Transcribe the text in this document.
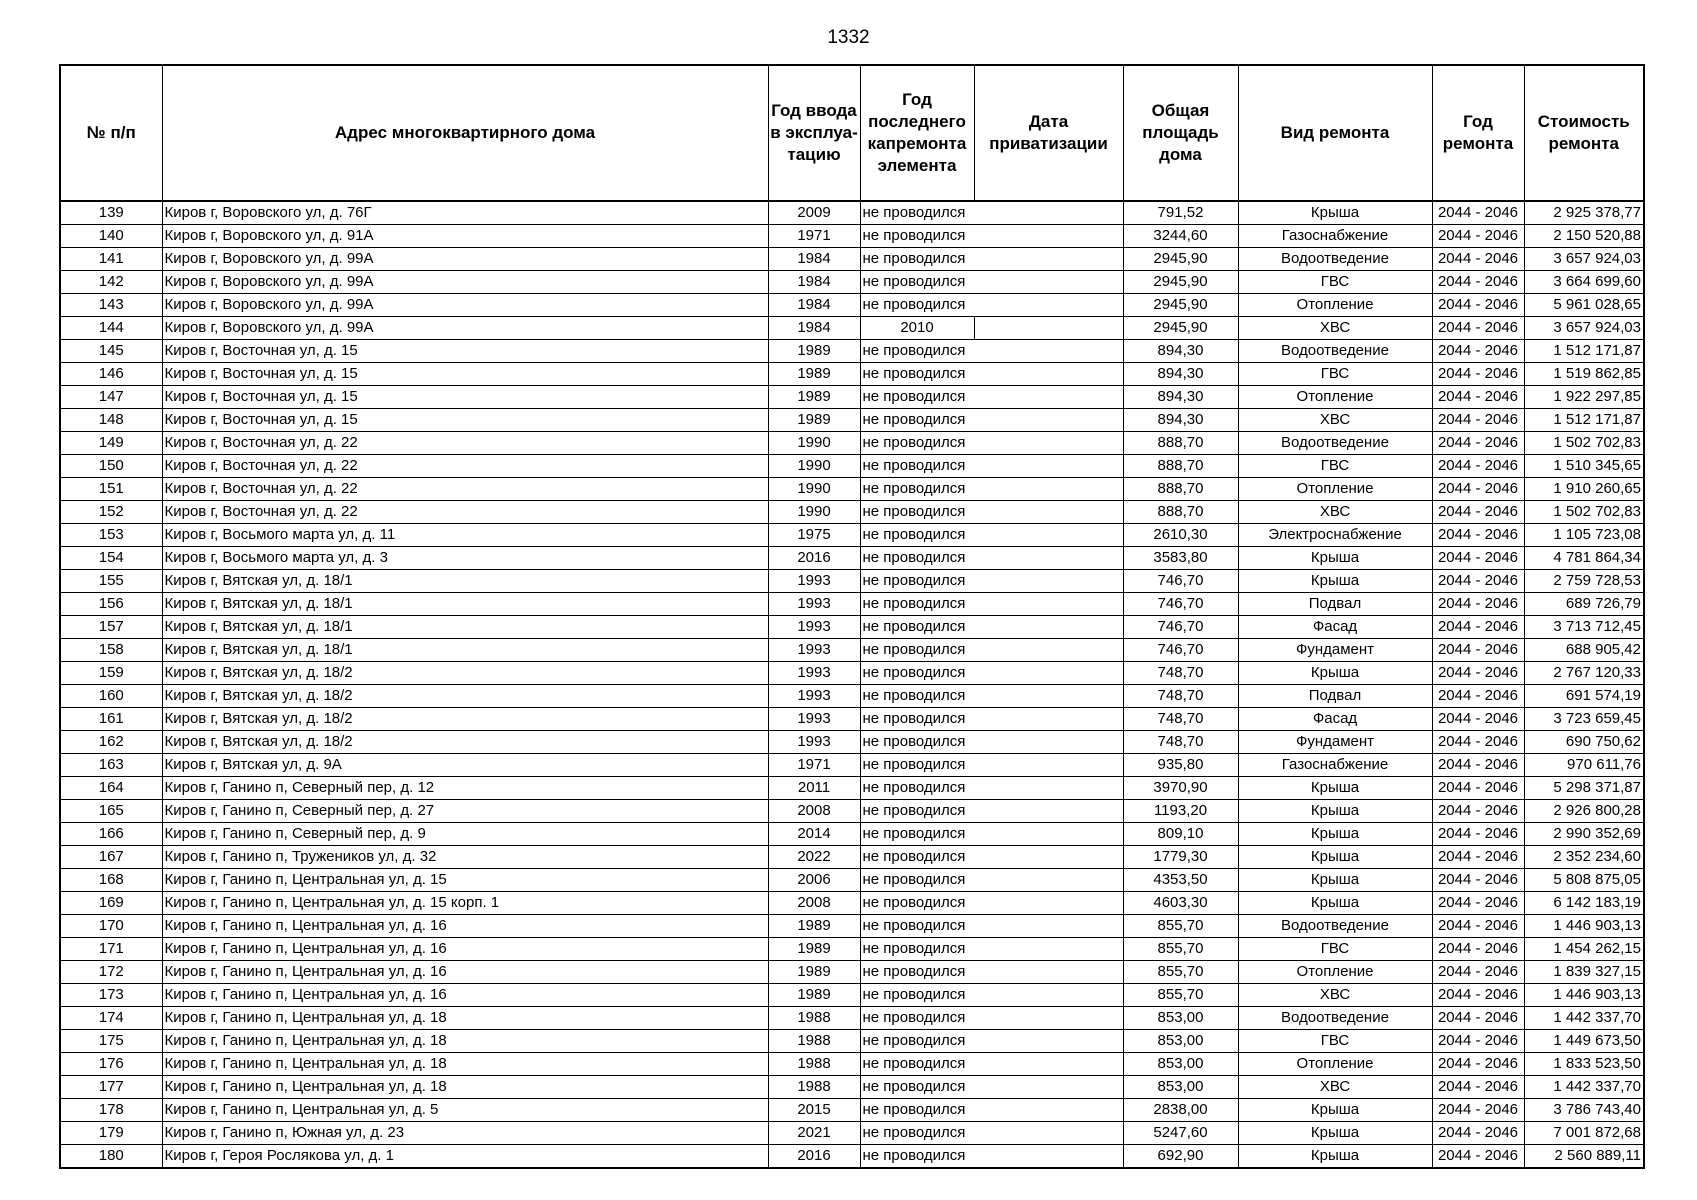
1332
№ п/п	Адрес многоквартирного дома	Год ввода в эксплуа- тацию	Год последнего капремонта элемента	Дата приватизации	Общая площадь дома	Вид ремонта	Год ремонта	Стоимость ремонта
139	Киров г, Воровского ул, д. 76Г	2009	не проводился		791,52	Крыша	2044 - 2046	2 925 378,77
140	Киров г, Воровского ул, д. 91А	1971	не проводился		3244,60	Газоснабжение	2044 - 2046	2 150 520,88
141	Киров г, Воровского ул, д. 99А	1984	не проводился		2945,90	Водоотведение	2044 - 2046	3 657 924,03
142	Киров г, Воровского ул, д. 99А	1984	не проводился		2945,90	ГВС	2044 - 2046	3 664 699,60
143	Киров г, Воровского ул, д. 99А	1984	не проводился		2945,90	Отопление	2044 - 2046	5 961 028,65
144	Киров г, Воровского ул, д. 99А	1984	2010		2945,90	ХВС	2044 - 2046	3 657 924,03
145	Киров г, Восточная ул, д. 15	1989	не проводился		894,30	Водоотведение	2044 - 2046	1 512 171,87
146	Киров г, Восточная ул, д. 15	1989	не проводился		894,30	ГВС	2044 - 2046	1 519 862,85
147	Киров г, Восточная ул, д. 15	1989	не проводился		894,30	Отопление	2044 - 2046	1 922 297,85
148	Киров г, Восточная ул, д. 15	1989	не проводился		894,30	ХВС	2044 - 2046	1 512 171,87
149	Киров г, Восточная ул, д. 22	1990	не проводился		888,70	Водоотведение	2044 - 2046	1 502 702,83
150	Киров г, Восточная ул, д. 22	1990	не проводился		888,70	ГВС	2044 - 2046	1 510 345,65
151	Киров г, Восточная ул, д. 22	1990	не проводился		888,70	Отопление	2044 - 2046	1 910 260,65
152	Киров г, Восточная ул, д. 22	1990	не проводился		888,70	ХВС	2044 - 2046	1 502 702,83
153	Киров г, Восьмого марта ул, д. 11	1975	не проводился		2610,30	Электроснабжение	2044 - 2046	1 105 723,08
154	Киров г, Восьмого марта ул, д. 3	2016	не проводился		3583,80	Крыша	2044 - 2046	4 781 864,34
155	Киров г, Вятская ул, д. 18/1	1993	не проводился		746,70	Крыша	2044 - 2046	2 759 728,53
156	Киров г, Вятская ул, д. 18/1	1993	не проводился		746,70	Подвал	2044 - 2046	689 726,79
157	Киров г, Вятская ул, д. 18/1	1993	не проводился		746,70	Фасад	2044 - 2046	3 713 712,45
158	Киров г, Вятская ул, д. 18/1	1993	не проводился		746,70	Фундамент	2044 - 2046	688 905,42
159	Киров г, Вятская ул, д. 18/2	1993	не проводился		748,70	Крыша	2044 - 2046	2 767 120,33
160	Киров г, Вятская ул, д. 18/2	1993	не проводился		748,70	Подвал	2044 - 2046	691 574,19
161	Киров г, Вятская ул, д. 18/2	1993	не проводился		748,70	Фасад	2044 - 2046	3 723 659,45
162	Киров г, Вятская ул, д. 18/2	1993	не проводился		748,70	Фундамент	2044 - 2046	690 750,62
163	Киров г, Вятская ул, д. 9А	1971	не проводился		935,80	Газоснабжение	2044 - 2046	970 611,76
164	Киров г, Ганино п, Северный пер, д. 12	2011	не проводился		3970,90	Крыша	2044 - 2046	5 298 371,87
165	Киров г, Ганино п, Северный пер, д. 27	2008	не проводился		1193,20	Крыша	2044 - 2046	2 926 800,28
166	Киров г, Ганино п, Северный пер, д. 9	2014	не проводился		809,10	Крыша	2044 - 2046	2 990 352,69
167	Киров г, Ганино п, Тружеников ул, д. 32	2022	не проводился		1779,30	Крыша	2044 - 2046	2 352 234,60
168	Киров г, Ганино п, Центральная ул, д. 15	2006	не проводился		4353,50	Крыша	2044 - 2046	5 808 875,05
169	Киров г, Ганино п, Центральная ул, д. 15 корп. 1	2008	не проводился		4603,30	Крыша	2044 - 2046	6 142 183,19
170	Киров г, Ганино п, Центральная ул, д. 16	1989	не проводился		855,70	Водоотведение	2044 - 2046	1 446 903,13
171	Киров г, Ганино п, Центральная ул, д. 16	1989	не проводился		855,70	ГВС	2044 - 2046	1 454 262,15
172	Киров г, Ганино п, Центральная ул, д. 16	1989	не проводился		855,70	Отопление	2044 - 2046	1 839 327,15
173	Киров г, Ганино п, Центральная ул, д. 16	1989	не проводился		855,70	ХВС	2044 - 2046	1 446 903,13
174	Киров г, Ганино п, Центральная ул, д. 18	1988	не проводился		853,00	Водоотведение	2044 - 2046	1 442 337,70
175	Киров г, Ганино п, Центральная ул, д. 18	1988	не проводился		853,00	ГВС	2044 - 2046	1 449 673,50
176	Киров г, Ганино п, Центральная ул, д. 18	1988	не проводился		853,00	Отопление	2044 - 2046	1 833 523,50
177	Киров г, Ганино п, Центральная ул, д. 18	1988	не проводился		853,00	ХВС	2044 - 2046	1 442 337,70
178	Киров г, Ганино п, Центральная ул, д. 5	2015	не проводился		2838,00	Крыша	2044 - 2046	3 786 743,40
179	Киров г, Ганино п, Южная ул, д. 23	2021	не проводился		5247,60	Крыша	2044 - 2046	7 001 872,68
180	Киров г, Героя Рослякова ул, д. 1	2016	не проводился		692,90	Крыша	2044 - 2046	2 560 889,11
